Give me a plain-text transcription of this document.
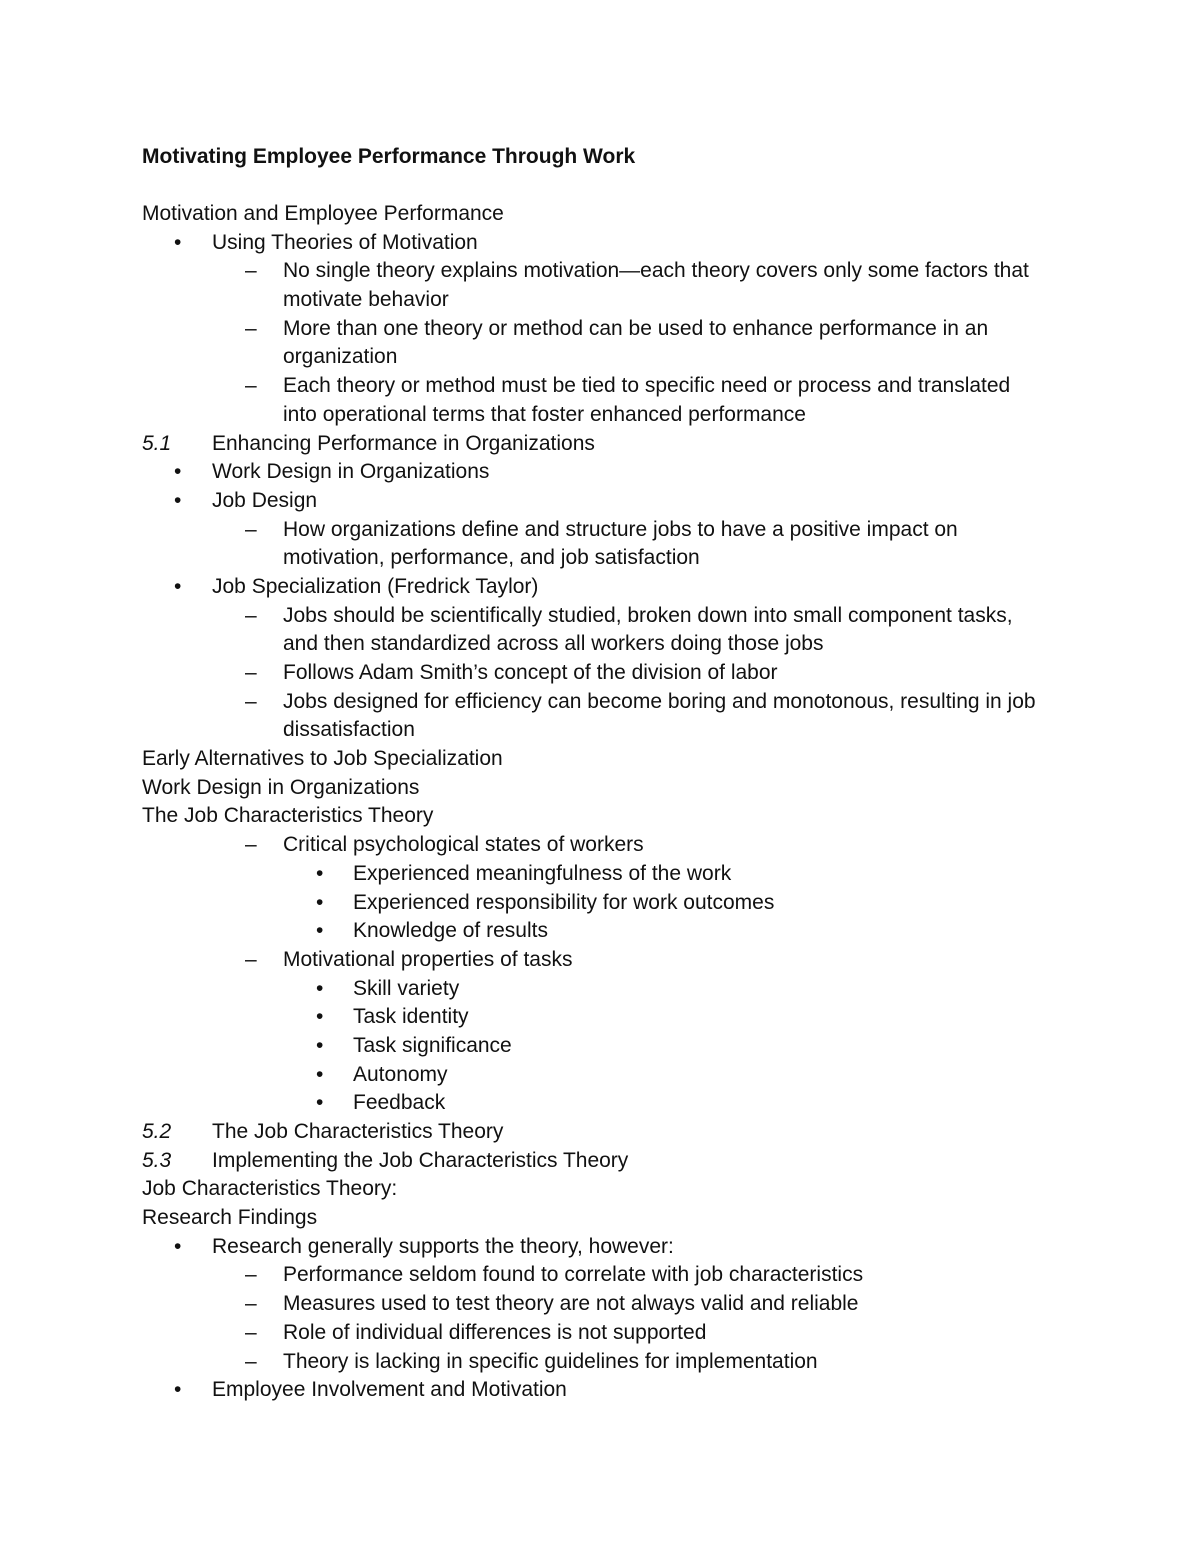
Motivating Employee Performance Through Work
Motivation and Employee Performance
• Using Theories of Motivation
– No single theory explains motivation—each theory covers only some factors that
motivate behavior
– More than one theory or method can be used to enhance performance in an
organization
– Each theory or method must be tied to specific need or process and translated
into operational terms that foster enhanced performance
5.1 Enhancing Performance in Organizations
• Work Design in Organizations
• Job Design
– How organizations define and structure jobs to have a positive impact on
motivation, performance, and job satisfaction
• Job Specialization (Fredrick Taylor)
– Jobs should be scientifically studied, broken down into small component tasks,
and then standardized across all workers doing those jobs
– Follows Adam Smith’s concept of the division of labor
– Jobs designed for efficiency can become boring and monotonous, resulting in job
dissatisfaction
Early Alternatives to Job Specialization
Work Design in Organizations
The Job Characteristics Theory
– Critical psychological states of workers
• Experienced meaningfulness of the work
• Experienced responsibility for work outcomes
• Knowledge of results
– Motivational properties of tasks
• Skill variety
• Task identity
• Task significance
• Autonomy
• Feedback
5.2 The Job Characteristics Theory
5.3 Implementing the Job Characteristics Theory
Job Characteristics Theory:
Research Findings
• Research generally supports the theory, however:
– Performance seldom found to correlate with job characteristics
– Measures used to test theory are not always valid and reliable
– Role of individual differences is not supported
– Theory is lacking in specific guidelines for implementation
• Employee Involvement and Motivation
